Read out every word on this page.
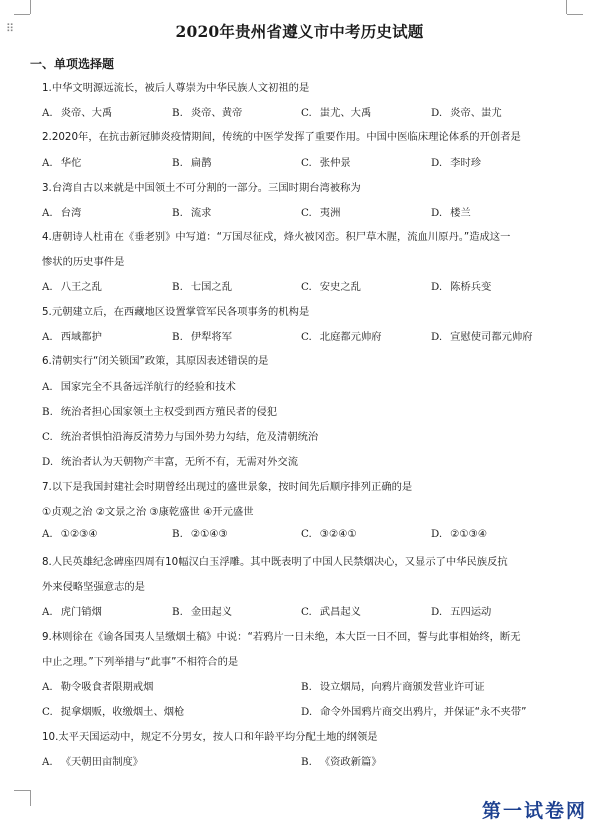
⠿	2020年贵州省遵义市中考历史试题
一、单项选择题
1.中华文明源远流长，被后人尊崇为中华民族人文初祖的是
A. 炎帝、大禹	B. 炎帝、黄帝	C. 蚩尤、大禹	D. 炎帝、蚩尤
2.2020年，在抗击新冠肺炎疫情期间，传统的中医学发挥了重要作用。中国中医临床理论体系的开创者是
A. 华佗	B. 扁鹊	C. 张仲景	D. 李时珍
3.台湾自古以来就是中国领土不可分割的一部分。三国时期台湾被称为
A. 台湾	B. 流求	C. 夷洲	D. 楼兰
4.唐朝诗人杜甫在《垂老别》中写道：“万国尽征戍，烽火被冈峦。积尸草木腥，流血川原丹。”造成这一
惨状的历史事件是
A. 八王之乱	B. 七国之乱	C. 安史之乱	D. 陈桥兵变
5.元朝建立后，在西藏地区设置掌管军民各项事务的机构是
A. 西域都护	B. 伊犁将军	C. 北庭都元帅府	D. 宣慰使司都元帅府
6.清朝实行“闭关锁国”政策，其原因表述错误的是
A. 国家完全不具备远洋航行的经验和技术
B. 统治者担心国家领土主权受到西方殖民者的侵犯
C. 统治者惧怕沿海反清势力与国外势力勾结，危及清朝统治
D. 统治者认为天朝物产丰富，无所不有，无需对外交流
7.以下是我国封建社会时期曾经出现过的盛世景象，按时间先后顺序排列正确的是
①贞观之治 ②文景之治 ③康乾盛世 ④开元盛世
A. ①②③④	B. ②①④③	C. ③②④①	D. ②①③④
8.人民英雄纪念碑座四周有10幅汉白玉浮雕。其中既表明了中国人民禁烟决心，又显示了中华民族反抗
外来侵略坚强意志的是
A. 虎门销烟	B. 金田起义	C. 武昌起义	D. 五四运动
9.林则徐在《谕各国夷人呈缴烟土稿》中说：“若鸦片一日未绝，本大臣一日不回，誓与此事相始终，断无
中止之理。”下列举措与“此事”不相符合的是
A. 勒令吸食者限期戒烟	B. 设立烟局，向鸦片商颁发营业许可证
C. 捉拿烟贩，收缴烟土、烟枪	D. 命令外国鸦片商交出鸦片，并保证“永不夹带”
10.太平天国运动中，规定不分男女，按人口和年龄平均分配土地的纲领是
A. 《天朝田亩制度》	B. 《资政新篇》
第一试卷网
